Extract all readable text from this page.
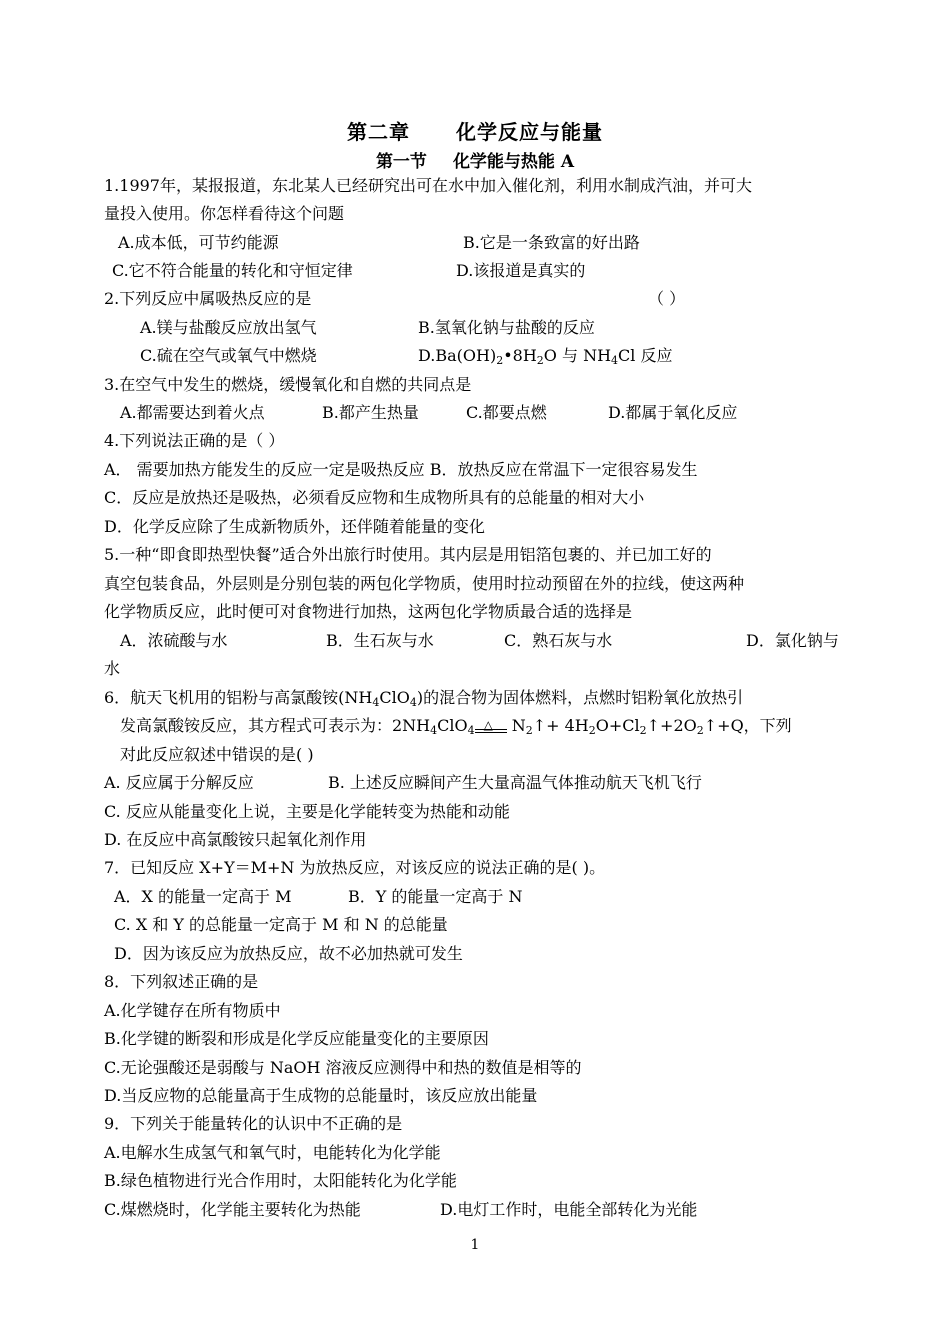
第二章 化学反应与能量
第一节 化学能与热能 A
1.1997年，某报报道，东北某人已经研究出可在水中加入催化剂，利用水制成汽油，并可大
量投入使用。你怎样看待这个问题
A.成本低，可节约能源	B.它是一条致富的好出路
C.它不符合能量的转化和守恒定律	D.该报道是真实的
2.下列反应中属吸热反应的是	（ ）
A.镁与盐酸反应放出氢气	B.氢氧化钠与盐酸的反应
C.硫在空气或氧气中燃烧	D.Ba(OH)2•8H2O 与 NH4Cl 反应
3.在空气中发生的燃烧，缓慢氧化和自燃的共同点是
A.都需要达到着火点	B.都产生热量	C.都要点燃	D.都属于氧化反应
4.下列说法正确的是（ ）
A． 需要加热方能发生的反应一定是吸热反应 B．放热反应在常温下一定很容易发生
C．反应是放热还是吸热，必须看反应物和生成物所具有的总能量的相对大小
D．化学反应除了生成新物质外，还伴随着能量的变化
5.一种“即食即热型快餐”适合外出旅行时使用。其内层是用铝箔包裹的、并已加工好的
真空包装食品，外层则是分别包装的两包化学物质，使用时拉动预留在外的拉线，使这两种
化学物质反应，此时便可对食物进行加热，这两包化学物质最合适的选择是
A．浓硫酸与水	B．生石灰与水	C．熟石灰与水	D．氯化钠与
水
6．航天飞机用的铝粉与高氯酸铵(NH4ClO4)的混合物为固体燃料，点燃时铝粉氧化放热引
发高氯酸铵反应，其方程式可表示为：2NH4ClO4 △ N2↑+ 4H2O+Cl2↑+2O2↑+Q，下列
对此反应叙述中错误的是( )
A. 反应属于分解反应	B. 上述反应瞬间产生大量高温气体推动航天飞机飞行
C. 反应从能量变化上说，主要是化学能转变为热能和动能
D. 在反应中高氯酸铵只起氧化剂作用
7．已知反应 X+Y＝M+N 为放热反应，对该反应的说法正确的是( )。
A．X 的能量一定高于 M	B．Y 的能量一定高于 N
C. X 和 Y 的总能量一定高于 M 和 N 的总能量
D．因为该反应为放热反应，故不必加热就可发生
8．下列叙述正确的是
A.化学键存在所有物质中
B.化学键的断裂和形成是化学反应能量变化的主要原因
C.无论强酸还是弱酸与 NaOH 溶液反应测得中和热的数值是相等的
D.当反应物的总能量高于生成物的总能量时，该反应放出能量
9．下列关于能量转化的认识中不正确的是
A.电解水生成氢气和氧气时，电能转化为化学能
B.绿色植物进行光合作用时，太阳能转化为化学能
C.煤燃烧时，化学能主要转化为热能	D.电灯工作时，电能全部转化为光能
1
